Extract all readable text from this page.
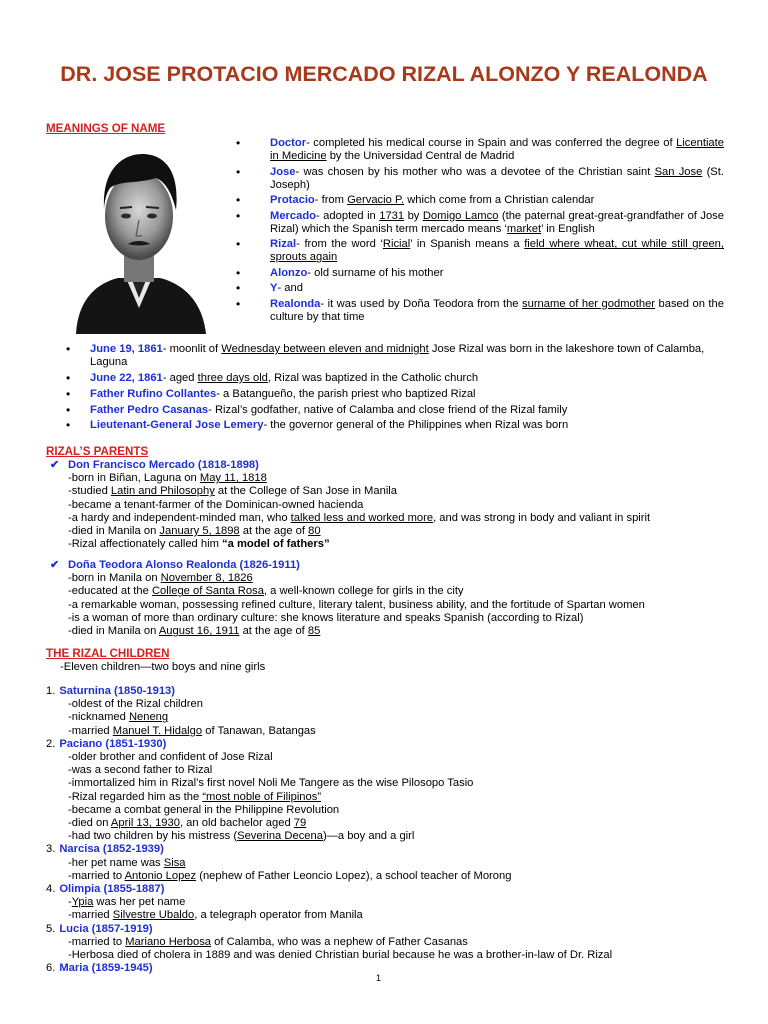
DR. JOSE PROTACIO MERCADO RIZAL ALONZO Y REALONDA
MEANINGS OF NAME
• Doctor- completed his medical course in Spain and was conferred the degree of Licentiate in Medicine by the Universidad Central de Madrid
• Jose- was chosen by his mother who was a devotee of the Christian saint San Jose (St. Joseph)
• Protacio- from Gervacio P. which come from a Christian calendar
• Mercado- adopted in 1731 by Domigo Lamco (the paternal great-great-grandfather of Jose Rizal) which the Spanish term mercado means ‘market’ in English
• Rizal- from the word ‘Ricial’ in Spanish means a field where wheat, cut while still green, sprouts again
• Alonzo- old surname of his mother
• Y- and
• Realonda- it was used by Doña Teodora from the surname of her godmother based on the culture by that time
• June 19, 1861- moonlit of Wednesday between eleven and midnight Jose Rizal was born in the lakeshore town of Calamba, Laguna
• June 22, 1861- aged three days old, Rizal was baptized in the Catholic church
• Father Rufino Collantes- a Batangueño, the parish priest who baptized Rizal
• Father Pedro Casanas- Rizal’s godfather, native of Calamba and close friend of the Rizal family
• Lieutenant-General Jose Lemery- the governor general of the Philippines when Rizal was born
RIZAL’S PARENTS
✔ Don Francisco Mercado (1818-1898)
-born in Biñan, Laguna on May 11, 1818
-studied Latin and Philosophy at the College of San Jose in Manila
-became a tenant-farmer of the Dominican-owned hacienda
-a hardy and independent-minded man, who talked less and worked more, and was strong in body and valiant in spirit
-died in Manila on January 5, 1898 at the age of 80
-Rizal affectionately called him “a model of fathers”
✔ Doña Teodora Alonso Realonda (1826-1911)
-born in Manila on November 8, 1826
-educated at the College of Santa Rosa, a well-known college for girls in the city
-a remarkable woman, possessing refined culture, literary talent, business ability, and the fortitude of Spartan women
-is a woman of more than ordinary culture: she knows literature and speaks Spanish (according to Rizal)
-died in Manila on August 16, 1911 at the age of 85
THE RIZAL CHILDREN
-Eleven children—two boys and nine girls
1. Saturnina (1850-1913)
-oldest of the Rizal children
-nicknamed Neneng
-married Manuel T. Hidalgo of Tanawan, Batangas
2. Paciano (1851-1930)
-older brother and confident of Jose Rizal
-was a second father to Rizal
-immortalized him in Rizal’s first novel Noli Me Tangere as the wise Pilosopo Tasio
-Rizal regarded him as the “most noble of Filipinos”
-became a combat general in the Philippine Revolution
-died on April 13, 1930, an old bachelor aged 79
-had two children by his mistress (Severina Decena)—a boy and a girl
3. Narcisa (1852-1939)
-her pet name was Sisa
-married to Antonio Lopez (nephew of Father Leoncio Lopez), a school teacher of Morong
4. Olimpia (1855-1887)
-Ypia was her pet name
-married Silvestre Ubaldo, a telegraph operator from Manila
5. Lucia (1857-1919)
-married to Mariano Herbosa of Calamba, who was a nephew of Father Casanas
-Herbosa died of cholera in 1889 and was denied Christian burial because he was a brother-in-law of Dr. Rizal
6. Maria (1859-1945)
1
